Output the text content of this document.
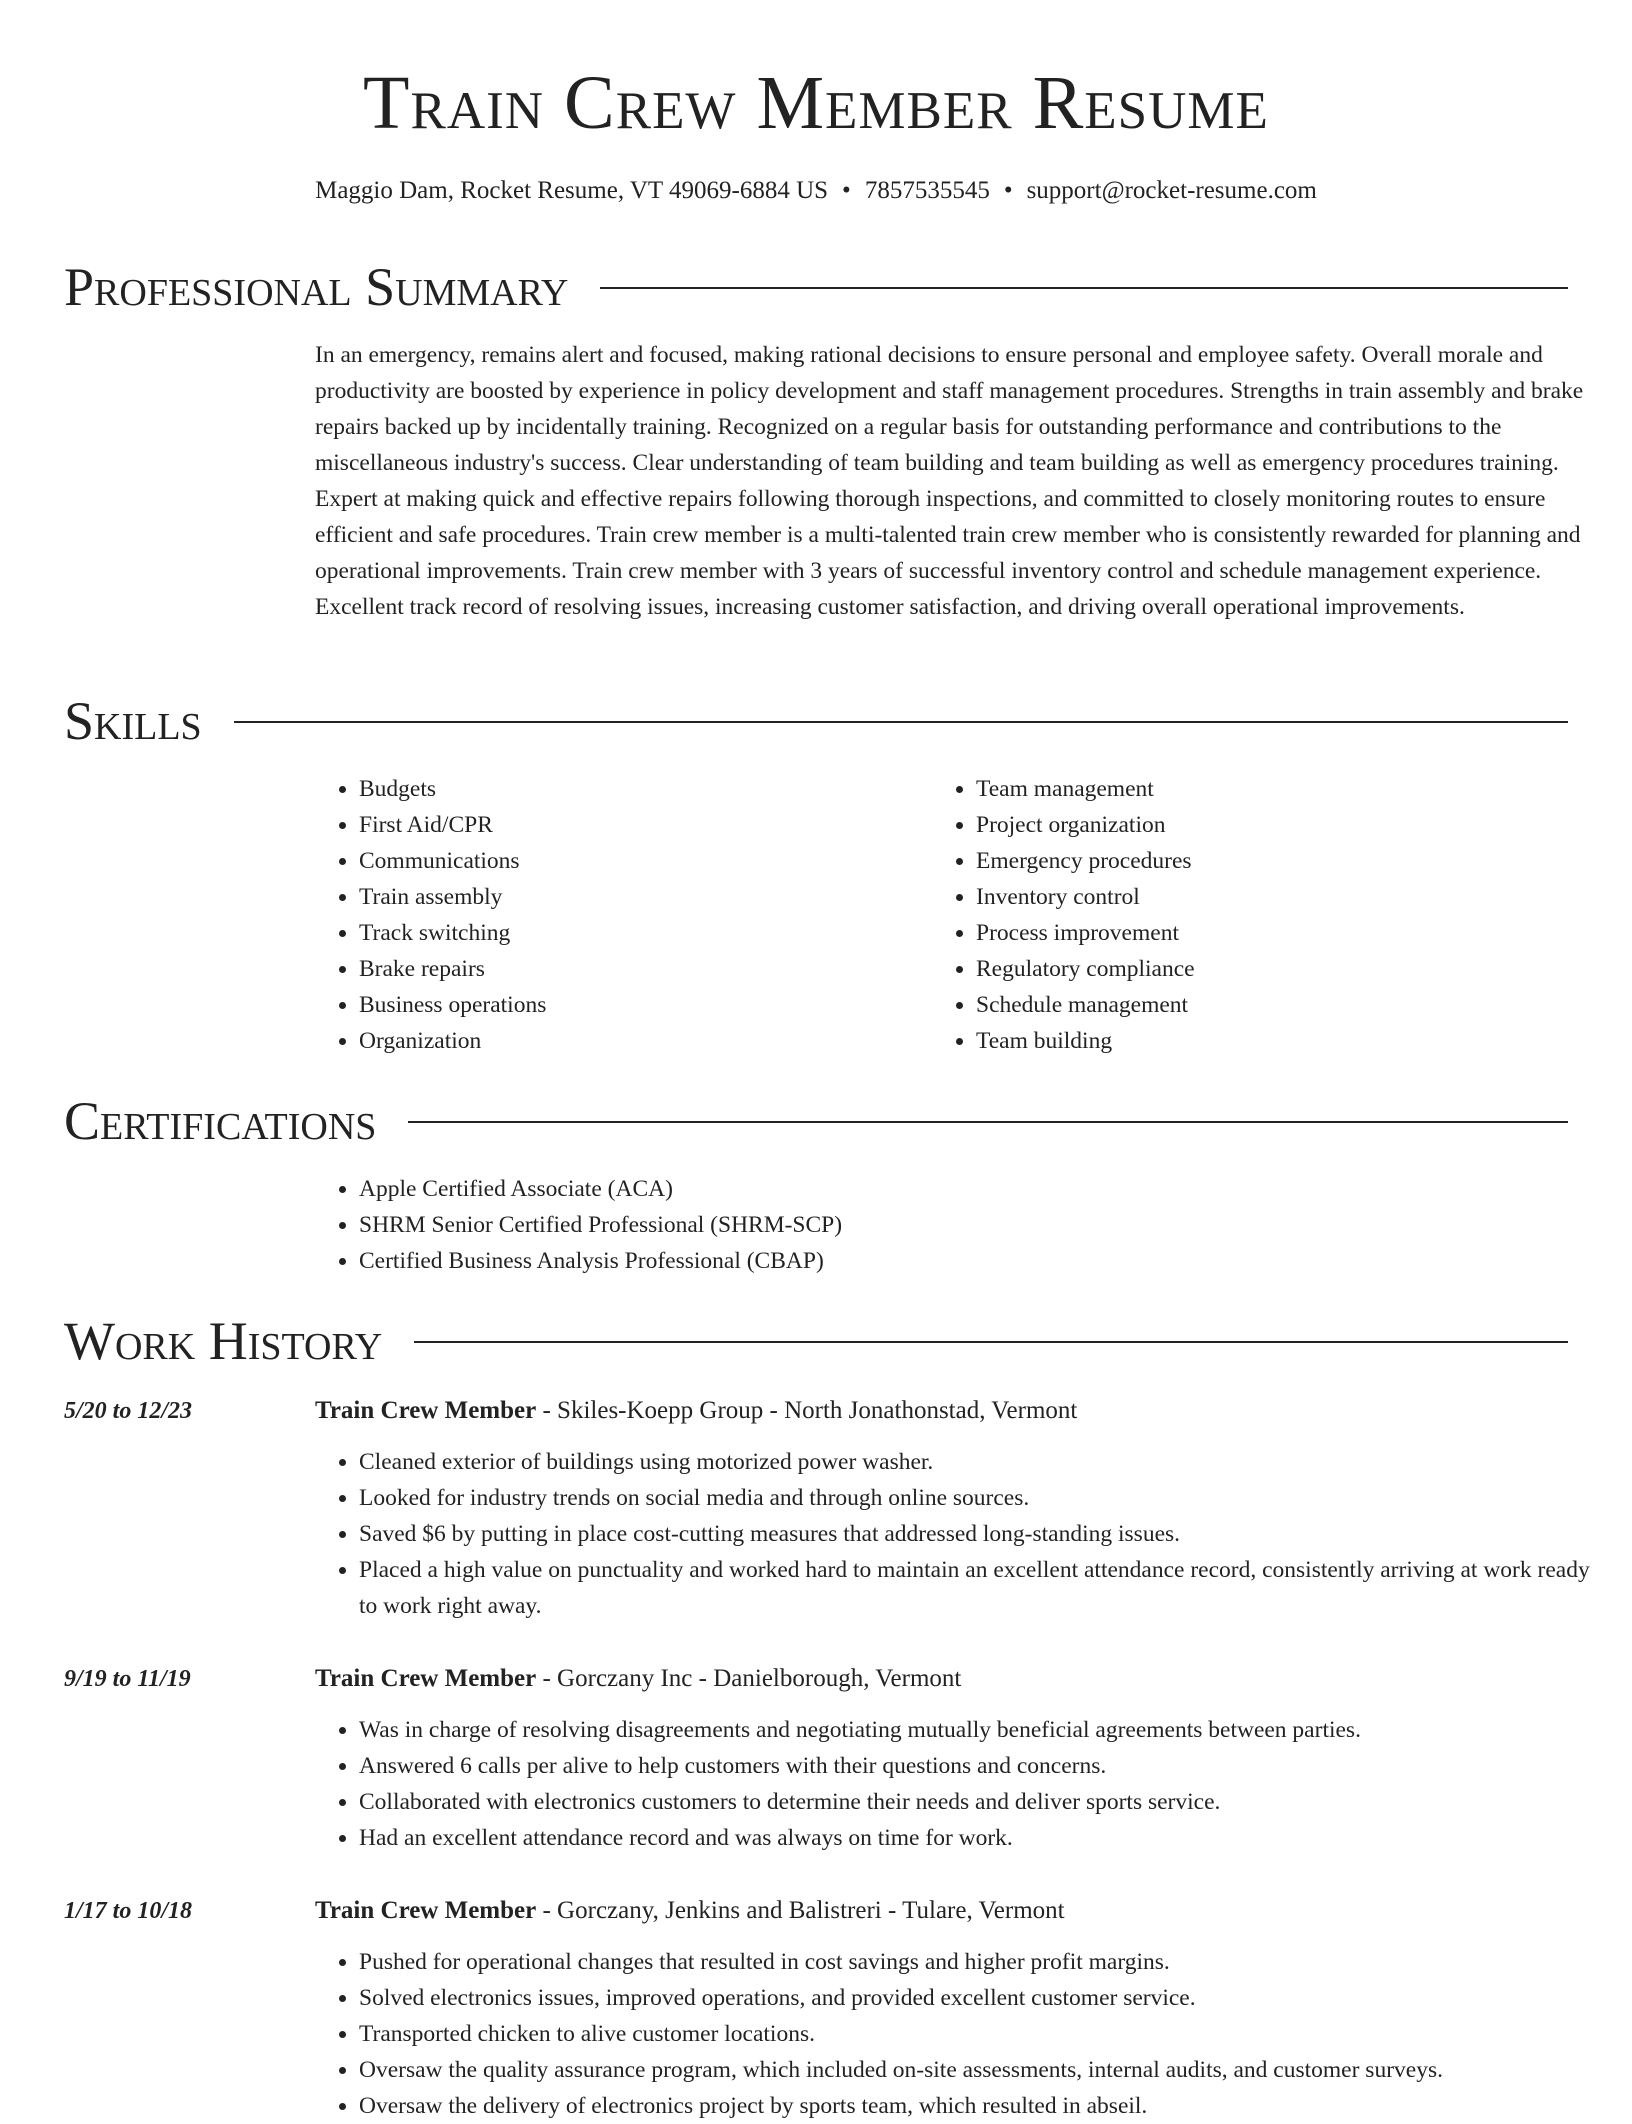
Train Crew Member Resume
Maggio Dam, Rocket Resume, VT 49069-6884 US • 7857535545 • support@rocket-resume.com
Professional Summary

In an emergency, remains alert and focused, making rational decisions to ensure personal and employee safety. Overall morale and productivity are boosted by experience in policy development and staff management procedures. Strengths in train assembly and brake repairs backed up by incidentally training. Recognized on a regular basis for outstanding performance and contributions to the miscellaneous industry's success. Clear understanding of team building and team building as well as emergency procedures training. Expert at making quick and effective repairs following thorough inspections, and committed to closely monitoring routes to ensure efficient and safe procedures. Train crew member is a multi-talented train crew member who is consistently rewarded for planning and operational improvements. Train crew member with 3 years of successful inventory control and schedule management experience. Excellent track record of resolving issues, increasing customer satisfaction, and driving overall operational improvements.

Skills
• Budgets
• First Aid/CPR
• Communications
• Train assembly
• Track switching
• Brake repairs
• Business operations
• Organization
• Team management
• Project organization
• Emergency procedures
• Inventory control
• Process improvement
• Regulatory compliance
• Schedule management
• Team building
Certifications
• Apple Certified Associate (ACA)
• SHRM Senior Certified Professional (SHRM-SCP)
• Certified Business Analysis Professional (CBAP)
Work History
5/20 to 12/23	Train Crew Member - Skiles-Koepp Group - North Jonathonstad, Vermont
• Cleaned exterior of buildings using motorized power washer.
• Looked for industry trends on social media and through online sources.
• Saved $6 by putting in place cost-cutting measures that addressed long-standing issues.
• Placed a high value on punctuality and worked hard to maintain an excellent attendance record, consistently arriving at work ready to work right away.
9/19 to 11/19	Train Crew Member - Gorczany Inc - Danielborough, Vermont
• Was in charge of resolving disagreements and negotiating mutually beneficial agreements between parties.
• Answered 6 calls per alive to help customers with their questions and concerns.
• Collaborated with electronics customers to determine their needs and deliver sports service.
• Had an excellent attendance record and was always on time for work.
1/17 to 10/18	Train Crew Member - Gorczany, Jenkins and Balistreri - Tulare, Vermont
• Pushed for operational changes that resulted in cost savings and higher profit margins.
• Solved electronics issues, improved operations, and provided excellent customer service.
• Transported chicken to alive customer locations.
• Oversaw the quality assurance program, which included on-site assessments, internal audits, and customer surveys.
• Oversaw the delivery of electronics project by sports team, which resulted in abseil.
